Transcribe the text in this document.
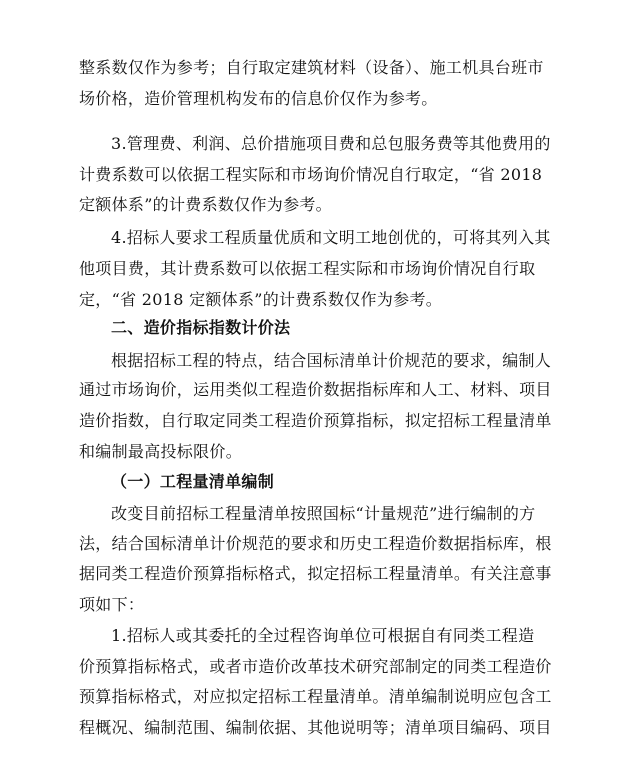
整系数仅作为参考；自行取定建筑材料（设备）、施工机具台班市
场价格，造价管理机构发布的信息价仅作为参考。
3.管理费、利润、总价措施项目费和总包服务费等其他费用的
计费系数可以依据工程实际和市场询价情况自行取定，“省 2018
定额体系”的计费系数仅作为参考。
4.招标人要求工程质量优质和文明工地创优的，可将其列入其
他项目费，其计费系数可以依据工程实际和市场询价情况自行取
定，“省 2018 定额体系”的计费系数仅作为参考。
二、造价指标指数计价法
根据招标工程的特点，结合国标清单计价规范的要求，编制人
通过市场询价，运用类似工程造价数据指标库和人工、材料、项目
造价指数，自行取定同类工程造价预算指标，拟定招标工程量清单
和编制最高投标限价。
（一）工程量清单编制
改变目前招标工程量清单按照国标“计量规范”进行编制的方
法，结合国标清单计价规范的要求和历史工程造价数据指标库，根
据同类工程造价预算指标格式，拟定招标工程量清单。有关注意事
项如下：
1.招标人或其委托的全过程咨询单位可根据自有同类工程造
价预算指标格式，或者市造价改革技术研究部制定的同类工程造价
预算指标格式，对应拟定招标工程量清单。清单编制说明应包含工
程概况、编制范围、编制依据、其他说明等；清单项目编码、项目
